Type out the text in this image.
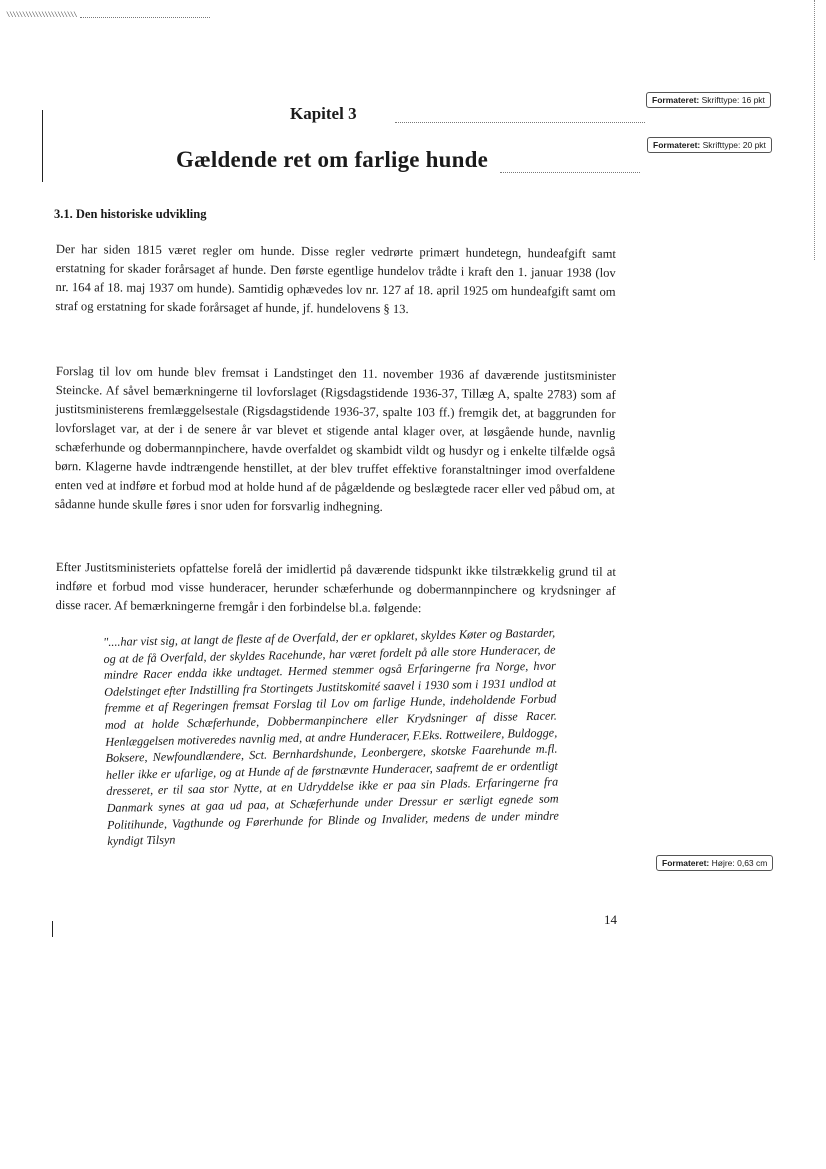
\\\\\\\\\\\\\\\\\\\\\\
Kapitel 3
Gældende ret om farlige hunde
Formateret: Skrifttype: 16 pkt
Formateret: Skrifttype: 20 pkt
Formateret: Højre: 0,63 cm
3.1. Den historiske udvikling
Der har siden 1815 været regler om hunde. Disse regler vedrørte primært hundetegn, hundeafgift samt erstatning for skader forårsaget af hunde. Den første egentlige hundelov trådte i kraft den 1. januar 1938 (lov nr. 164 af 18. maj 1937 om hunde). Samtidig ophævedes lov nr. 127 af 18. april 1925 om hundeafgift samt om straf og erstatning for skade forårsaget af hunde, jf. hundelovens § 13.
Forslag til lov om hunde blev fremsat i Landstinget den 11. november 1936 af daværende justitsminister Steincke. Af såvel bemærkningerne til lovforslaget (Rigsdagstidende 1936-37, Tillæg A, spalte 2783) som af justitsministerens fremlæggelsestale (Rigsdagstidende 1936-37, spalte 103 ff.) fremgik det, at baggrunden for lovforslaget var, at der i de senere år var blevet et stigende antal klager over, at løsgående hunde, navnlig schæferhunde og dobermannpinchere, havde overfaldet og skambidt vildt og husdyr og i enkelte tilfælde også børn. Klagerne havde indtrængende henstillet, at der blev truffet effektive foranstaltninger imod overfaldene enten ved at indføre et forbud mod at holde hund af de pågældende og beslægtede racer eller ved påbud om, at sådanne hunde skulle føres i snor uden for forsvarlig indhegning.
Efter Justitsministeriets opfattelse forelå der imidlertid på daværende tidspunkt ikke tilstrækkelig grund til at indføre et forbud mod visse hunderacer, herunder schæferhunde og dobermannpinchere og krydsninger af disse racer. Af bemærkningerne fremgår i den forbindelse bl.a. følgende:
"....har vist sig, at langt de fleste af de Overfald, der er opklaret, skyldes Køter og Bastarder, og at de få Overfald, der skyldes Racehunde, har været fordelt på alle store Hunderacer, de mindre Racer endda ikke undtaget. Hermed stemmer også Erfaringerne fra Norge, hvor Odelstinget efter Indstilling fra Stortingets Justitskomité saavel i 1930 som i 1931 undlod at fremme et af Regeringen fremsat Forslag til Lov om farlige Hunde, indeholdende Forbud mod at holde Schæferhunde, Dobbermanpinchere eller Krydsninger af disse Racer. Henlæggelsen motiveredes navnlig med, at andre Hunderacer, F.Eks. Rottweilere, Buldogge, Boksere, Newfoundlændere, Sct. Bernhardshunde, Leonbergere, skotske Faarehunde m.fl. heller ikke er ufarlige, og at Hunde af de førstnævnte Hunderacer, saafremt de er ordentligt dresseret, er til saa stor Nytte, at en Udryddelse ikke er paa sin Plads. Erfaringerne fra Danmark synes at gaa ud paa, at Schæferhunde under Dressur er særligt egnede som Politihunde, Vagthunde og Førerhunde for Blinde og Invalider, medens de under mindre kyndigt Tilsyn
14
